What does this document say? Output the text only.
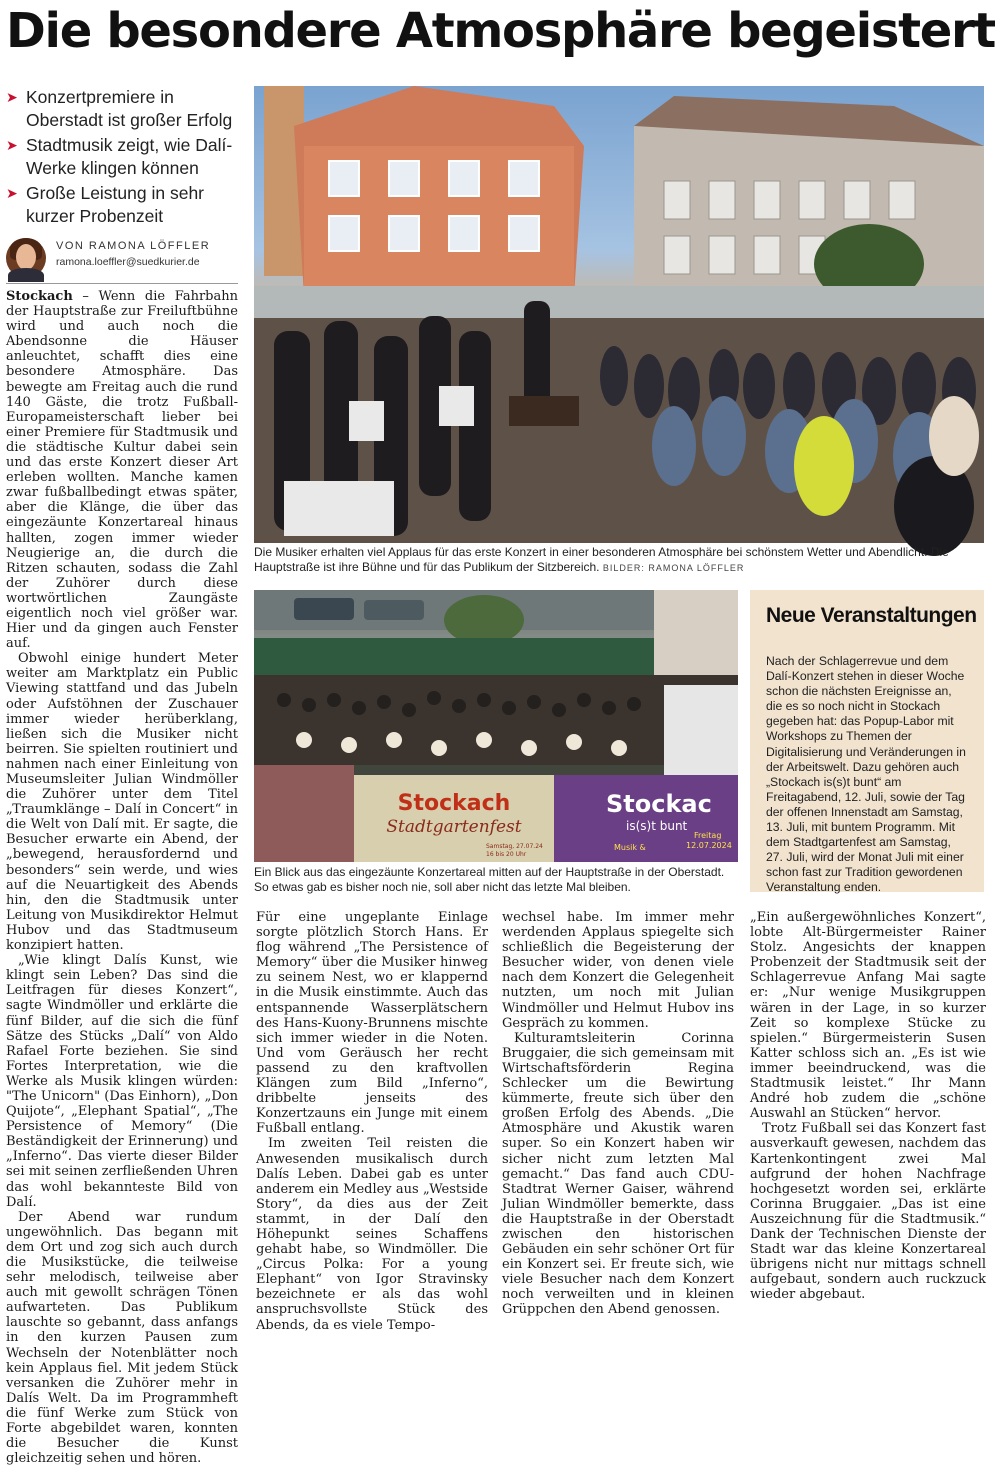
Die besondere Atmosphäre begeistert
➤ Konzertpremiere in Oberstadt ist großer Erfolg
➤ Stadtmusik zeigt, wie Dalí-Werke klingen können
➤ Große Leistung in sehr kurzer Probenzeit
VON RAMONA LÖFFLER
ramona.loeffler@suedkurier.de

Stockach – Wenn die Fahrbahn der Hauptstraße zur Freiluftbühne wird und auch noch die Abendsonne die Häuser anleuchtet, schafft dies eine besondere Atmosphäre. Das bewegte am Freitag auch die rund 140 Gäste, die trotz Fußball-Europameisterschaft lieber bei einer Premiere für Stadtmusik und die städtische Kultur dabei sein und das erste Konzert dieser Art erleben wollten. Manche kamen zwar fußballbedingt etwas später, aber die Klänge, die über das eingezäunte Konzertareal hinaus hallten, zogen immer wieder Neugierige an, die durch die Ritzen schauten, sodass die Zahl der Zuhörer durch diese wortwörtlichen Zaungäste eigentlich noch viel größer war. Hier und da gingen auch Fenster auf.

Obwohl einige hundert Meter weiter am Marktplatz ein Public Viewing stattfand und das Jubeln oder Aufstöhnen der Zuschauer immer wieder herüberklang, ließen sich die Musiker nicht beirren. Sie spielten routiniert und nahmen nach einer Einleitung von Museumsleiter Julian Windmöller die Zuhörer unter dem Titel „Traumklänge – Dalí in Concert“ in die Welt von Dalí mit. Er sagte, die Besucher erwarte ein Abend, der „bewegend, herausfordernd und besonders“ sein werde, und wies auf die Neuartigkeit des Abends hin, den die Stadtmusik unter Leitung von Musikdirektor Helmut Hubov und das Stadtmuseum konzipiert hatten.

„Wie klingt Dalís Kunst, wie klingt sein Leben? Das sind die Leitfragen für dieses Konzert“, sagte Windmöller und erklärte die fünf Bilder, auf die sich die fünf Sätze des Stücks „Dalí“ von Aldo Rafael Forte beziehen. Sie sind Fortes Interpretation, wie die Werke als Musik klingen würden: "The Unicorn" (Das Einhorn), „Don Quijote“, „Elephant Spatial“, „The Persistence of Memory“ (Die Beständigkeit der Erinnerung) und „Inferno“. Das vierte dieser Bilder sei mit seinen zerfließenden Uhren das wohl bekannteste Bild von Dalí.

Der Abend war rundum ungewöhnlich. Das begann mit dem Ort und zog sich auch durch die Musikstücke, die teilweise sehr melodisch, teilweise aber auch mit gewollt schrägen Tönen aufwarteten. Das Publikum lauschte so gebannt, dass anfangs in den kurzen Pausen zum Wechseln der Notenblätter noch kein Applaus fiel. Mit jedem Stück versanken die Zuhörer mehr in Dalís Welt. Da im Programmheft die fünf Werke zum Stück von Forte abgebildet waren, konnten die Besucher die Kunst gleichzeitig sehen und hören.

Die Musiker erhalten viel Applaus für das erste Konzert in einer besonderen Atmosphäre bei schönstem Wetter und Abendlicht. Die Hauptstraße ist ihre Bühne und für das Publikum der Sitzbereich. BILDER: RAMONA LÖFFLER
Stockach
Stadtgartenfest
Samstag, 27.07.24
16 bis 20 Uhr
Stockac
is(s)t bunt
Musik &
Freitag
12.07.2024
Ein Blick aus das eingezäunte Konzertareal mitten auf der Hauptstraße in der Oberstadt. So etwas gab es bisher noch nie, soll aber nicht das letzte Mal bleiben.
Neue Veranstaltungen
Nach der Schlagerrevue und dem Dalí-Konzert stehen in dieser Woche schon die nächsten Ereignisse an, die es so noch nicht in Stockach gegeben hat: das Popup-Labor mit Workshops zu Themen der Digitalisierung und Veränderungen in der Arbeitswelt. Dazu gehören auch „Stockach is(s)t bunt“ am Freitagabend, 12. Juli, sowie der Tag der offenen Innenstadt am Samstag, 13. Juli, mit buntem Programm. Mit dem Stadtgartenfest am Samstag, 27. Juli, wird der Monat Juli mit einer schon fast zur Tradition gewordenen Veranstaltung enden.

Für eine ungeplante Einlage sorgte plötzlich Storch Hans. Er flog während „The Persistence of Memory“ über die Musiker hinweg zu seinem Nest, wo er klappernd in die Musik einstimmte. Auch das entspannende Wasserplätschern des Hans-Kuony-Brunnens mischte sich immer wieder in die Noten. Und vom Geräusch her recht passend zu den kraftvollen Klängen zum Bild „Inferno“, dribbelte jenseits des Konzertzauns ein Junge mit einem Fußball entlang.

Im zweiten Teil reisten die Anwesenden musikalisch durch Dalís Leben. Dabei gab es unter anderem ein Medley aus „Westside Story“, da dies aus der Zeit stammt, in der Dalí den Höhepunkt seines Schaffens gehabt habe, so Windmöller. Die „Circus Polka: For a young Elephant“ von Igor Stravinsky bezeichnete er als das wohl anspruchsvollste Stück des Abends, da es viele Tempo-

wechsel habe. Im immer mehr werdenden Applaus spiegelte sich schließlich die Begeisterung der Besucher wider, von denen viele nach dem Konzert die Gelegenheit nutzten, um noch mit Julian Windmöller und Helmut Hubov ins Gespräch zu kommen.

Kulturamtsleiterin Corinna Bruggaier, die sich gemeinsam mit Wirtschaftsförderin Regina Schlecker um die Bewirtung kümmerte, freute sich über den großen Erfolg des Abends. „Die Atmosphäre und Akustik waren super. So ein Konzert haben wir sicher nicht zum letzten Mal gemacht.“ Das fand auch CDU-Stadtrat Werner Gaiser, während Julian Windmöller bemerkte, dass die Hauptstraße in der Oberstadt zwischen den historischen Gebäuden ein sehr schöner Ort für ein Konzert sei. Er freute sich, wie viele Besucher nach dem Konzert noch verweilten und in kleinen Grüppchen den Abend genossen.

„Ein außergewöhnliches Konzert“, lobte Alt-Bürgermeister Rainer Stolz. Angesichts der knappen Probenzeit der Stadtmusik seit der Schlagerrevue Anfang Mai sagte er: „Nur wenige Musikgruppen wären in der Lage, in so kurzer Zeit so komplexe Stücke zu spielen.“ Bürgermeisterin Susen Katter schloss sich an. „Es ist wie immer beeindruckend, was die Stadtmusik leistet.“ Ihr Mann André hob zudem die „schöne Auswahl an Stücken“ hervor.

Trotz Fußball sei das Konzert fast ausverkauft gewesen, nachdem das Kartenkontingent zwei Mal aufgrund der hohen Nachfrage hochgesetzt worden sei, erklärte Corinna Bruggaier. „Das ist eine Auszeichnung für die Stadtmusik.“ Dank der Technischen Dienste der Stadt war das kleine Konzertareal übrigens nicht nur mittags schnell aufgebaut, sondern auch ruckzuck wieder abgebaut.
